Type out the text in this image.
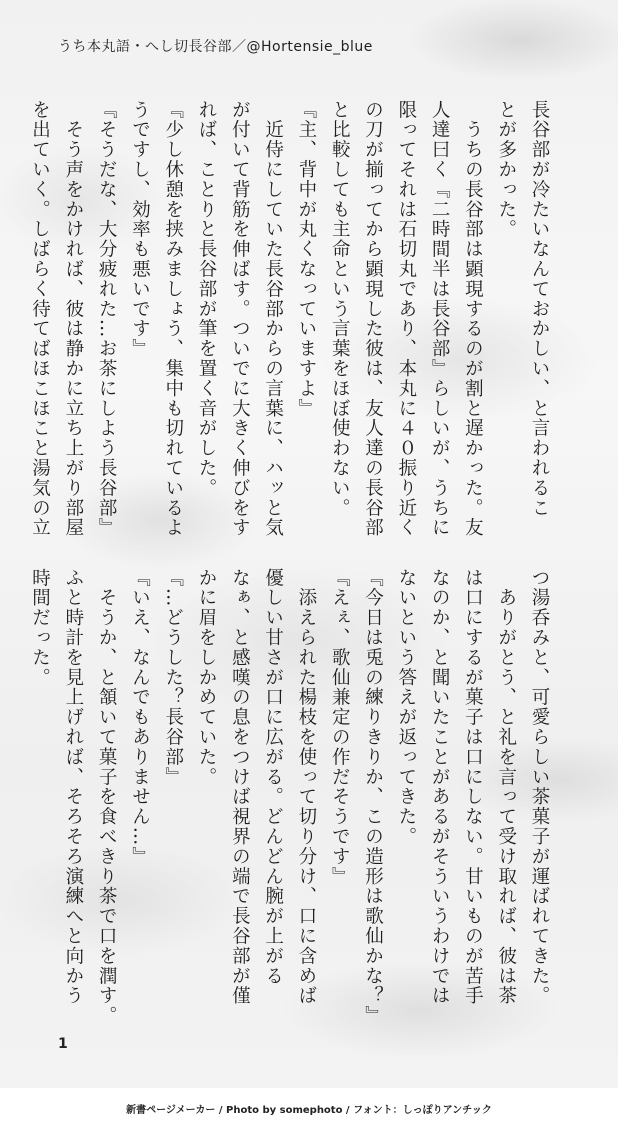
うち本丸語・へし切長谷部／@Hortensie_blue
長谷部が冷たいなんておかしい、と言われるこ
とが多かった。
　うちの長谷部は顕現するのが割と遅かった。友
人達曰く『二時間半は長谷部』らしいが、うちに
限ってそれは石切丸であり、本丸に４０振り近く
の刀が揃ってから顕現した彼は、友人達の長谷部
と比較しても主命という言葉をほぼ使わない。
『主、背中が丸くなっていますよ』
　近侍にしていた長谷部からの言葉に、ハッと気
が付いて背筋を伸ばす。ついでに大きく伸びをす
れば、ことりと長谷部が筆を置く音がした。
『少し休憩を挟みましょう、集中も切れているよ
うですし、効率も悪いです』
『そうだな、大分疲れた…お茶にしよう長谷部』
　そう声をかければ、彼は静かに立ち上がり部屋
を出ていく。しばらく待てばほこほこと湯気の立
つ湯呑みと、可愛らしい茶菓子が運ばれてきた。
　ありがとう、と礼を言って受け取れば、彼は茶
は口にするが菓子は口にしない。甘いものが苦手
なのか、と聞いたことがあるがそういうわけでは
ないという答えが返ってきた。
『今日は兎の練りきりか、この造形は歌仙かな？』
『えぇ、歌仙兼定の作だそうです』
　添えられた楊枝を使って切り分け、口に含めば
優しい甘さが口に広がる。どんどん腕が上がる
なぁ、と感嘆の息をつけば視界の端で長谷部が僅
かに眉をしかめていた。
『…どうした？長谷部』
『いえ、なんでもありません…』
　そうか、と頷いて菓子を食べきり茶で口を潤す。
ふと時計を見上げれば、そろそろ演練へと向かう
時間だった。
1
新書ページメーカー / Photo by somephoto / フォント：しっぽりアンチック
